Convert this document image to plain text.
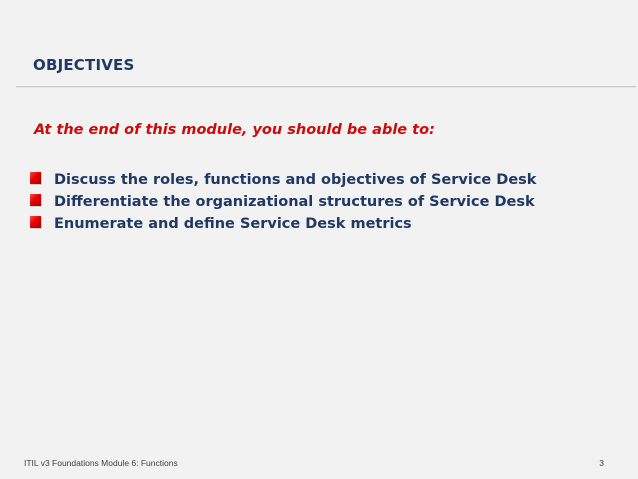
OBJECTIVES
At the end of this module, you should be able to:
Discuss the roles, functions and objectives of Service Desk
Differentiate the organizational structures of Service Desk
Enumerate and define Service Desk metrics
ITIL v3 Foundations Module 6: Functions	3
